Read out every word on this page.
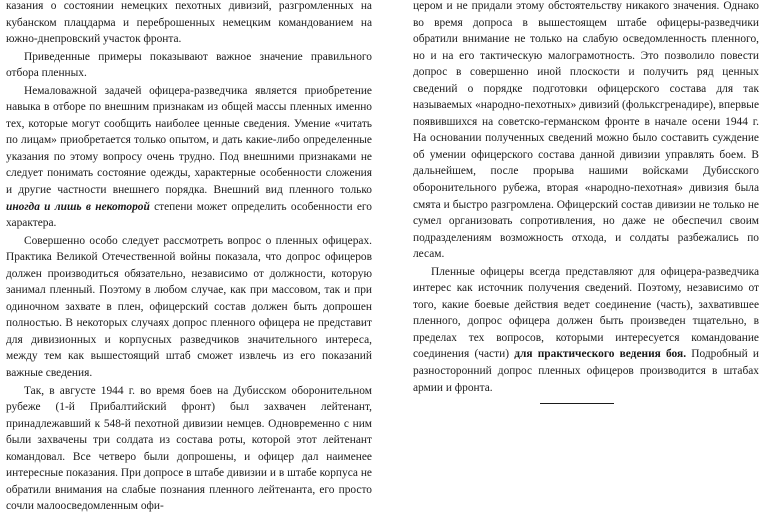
казания о состоянии немецких пехотных дивизий, разгромленных на кубанском плацдарма и переброшенных немецким командованием на южно-днепровский участок фронта.

Приведенные примеры показывают важное значение правильного отбора пленных.

Немаловажной задачей офицера-разведчика является приобретение навыка в отборе по внешним признакам из общей массы пленных именно тех, которые могут сообщить наиболее ценные сведения. Умение «читать по лицам» приобретается только опытом, и дать какие-либо определенные указания по этому вопросу очень трудно. Под внешними признаками не следует понимать состояние одежды, характерные особенности сложения и другие частности внешнего порядка. Внешний вид пленного только иногда и лишь в некоторой степени может определить особенности его характера.

Совершенно особо следует рассмотреть вопрос о пленных офицерах. Практика Великой Отечественной войны показала, что допрос офицеров должен производиться обязательно, независимо от должности, которую занимал пленный. Поэтому в любом случае, как при массовом, так и при одиночном захвате в плен, офицерский состав должен быть допрошен полностью. В некоторых случаях допрос пленного офицера не представит для дивизионных и корпусных разведчиков значительного интереса, между тем как вышестоящий штаб сможет извлечь из его показаний важные сведения.

Так, в августе 1944 г. во время боев на Дубисском оборонительном рубеже (1-й Прибалтийский фронт) был захвачен лейтенант, принадлежавший к 548-й пехотной дивизии немцев. Одновременно с ним были захвачены три солдата из состава роты, которой этот лейтенант командовал. Все четверо были допрошены, и офицер дал наименее интересные показания. При допросе в штабе дивизии и в штабе корпуса не обратили внимания на слабые познания пленного лейтенанта, его просто сочли малоосведомленным офи-

цером и не придали этому обстоятельству никакого значения. Однако во время допроса в вышестоящем штабе офицеры-разведчики обратили внимание не только на слабую осведомленность пленного, но и на его тактическую малограмотность. Это позволило повести допрос в совершенно иной плоскости и получить ряд ценных сведений о порядке подготовки офицерского состава для так называемых «народно-пехотных» дивизий (фольксгренадире), впервые появившихся на советско-германском фронте в начале осени 1944 г. На основании полученных сведений можно было составить суждение об умении офицерского состава данной дивизии управлять боем. В дальнейшем, после прорыва нашими войсками Дубисского оборонительного рубежа, вторая «народно-пехотная» дивизия была смята и быстро разгромлена. Офицерский состав дивизии не только не сумел организовать сопротивления, но даже не обеспечил своим подразделениям возможность отхода, и солдаты разбежались по лесам.

Пленные офицеры всегда представляют для офицера-разведчика интерес как источник получения сведений. Поэтому, независимо от того, какие боевые действия ведет соединение (часть), захватившее пленного, допрос офицера должен быть произведен тщательно, в пределах тех вопросов, которыми интересуется командование соединения (части) для практического ведения боя. Подробный и разносторонний допрос пленных офицеров производится в штабах армии и фронта.
